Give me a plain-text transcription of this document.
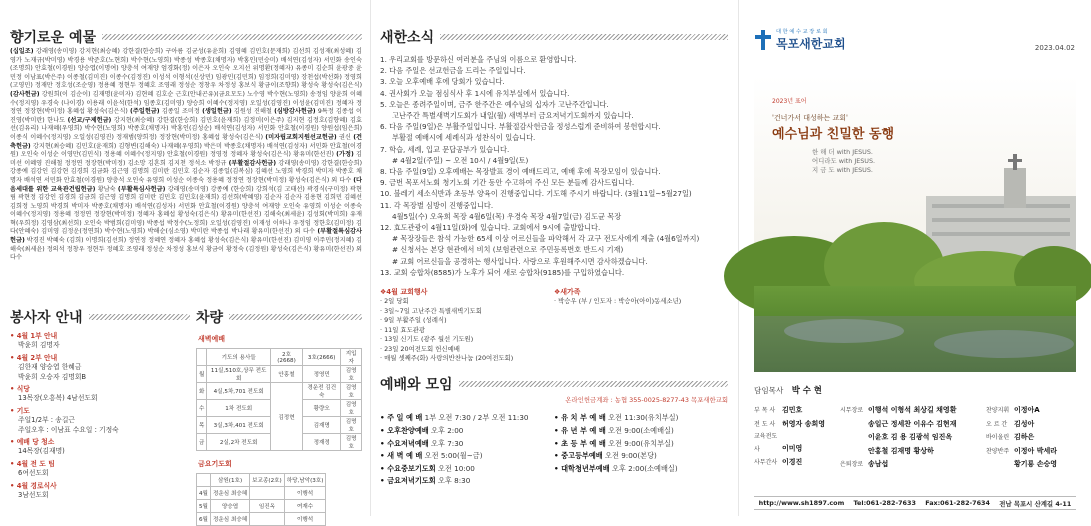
향기로운 예물
(십일조) 강래영(송미영) 강지현(최승혜) 강한결(한승희) 구아름 김균성(유윤희) 김영혜 김민호(문재희) 김선희 김성재(최성혜) 김영가 노재규(박미영) 박경용 박준호(노현희) 박수현(노영희) 박종성 박종호(채명자) 박홍인(민승미) 배석연(김성자) 서민화 송인숙(조명희) 안효철(이경원) 양승엽(이명여) 양충석 여재양 엄경화(정) 이은자 오인숙 오지선 위명환(정혜자) 유종미 김순희 윤광중 윤민정 이남표(박은주) 이종철(김미진) 이종수(김정진) 이성석 이형석(신상민) 임광민(김민희) 임정희(김미영) 장천섭(박선화) 정영희(고영민) 정재만 정호성(조순영) 정용혜 정현두 정혜호 조영래 정성순 정창우 차정성 홍보식 황금이(조향희) 황성숙 황성숙(김은식) (감사헌금) 강원희(이 김순이) 김재명(윤미자) 김현혜 김호순 근호(안내곤유)(금요모도) 노수영 박수현(노영희) 송정임 양윤희 이혜수(정지영) 우경숙 (나이경) 이용래 이윤석(한석) 임종호(김미영) 양승희 이혜수(정지영) 오일성(김영진) 이성윤(김미진) 정혜자 정정연 정장현(박미정) 홍혜섭 황성숙(김은식) (주일헌금) 김종일 조미정 (생일헌금) 김원성 진해철 (심방감사헌금) 9특정 김종섭 이진영(박미란) 한나도 (선교/구제헌금) 강지현(최승혜) 강한결(한승희) 김민호(윤재희) 김정미(이은주) 김지현 김정호(김향혜) 김효선(김유리) 나재혜(우영희) 박수현(노영희) 박종호(채명자) 박홍인(김성순) 배석연(김성자) 서민화 안효철(이경원) 양원섭(임은희) 이종식 이혜수(정지영) 오일성(김영진) 정재범(양희정) 정장현(박미정) 홍혜섭 황성숙(김은식) (미자립교회지원선교헌금) 권신 (건축헌금) 강지현(최승혜) 김민호(윤재희) 김형변(김해숙) 나재혜(우영희) 박은미 박종호(채명자) 배석연(김성자) 서민화 안효철(이경원) 오인숙 이성순 이영만(김민식) 정용혜 이혜수(정지영) 안효철(이경원) 정영정 정혜자 황성숙(김은식) 황유미(한선진) (가정) 김미선 이혜영 진해철 정정연 정장현(박미정) 김소망 김혼희 김지천 정석소 박정규 (부활절감사헌금) 강래영(송미영) 강한결(한승희) 강종예 김강인 김강현 김경희 김금화 김근영 김명희 김미란 김민호 김순자 김종일(김복심) 김혜선 노영희 박경희 박미자 박종호 채명자 배석연 서민화 안효철(이경원) 양충석 오인숙 유영희 이성순 이종숙 정용혜 정정연 정장현(박미정) 황성숙(김은식) 외 다수 (다음세대를 위한 교육관건립헌금) 황남숙 (부활특심사헌금) 강래영(송미영) 강종예 (한승희) 강희석(김 고태선) 곽경식(구미정) 곽현림 곽현정 김강인 김경희 김금희 김근영 김명희 김미란 김민호 김민호(윤재희) 김선희(박혜영) 김순자 김순자 김용현 김희민 김혜선 김희정 노영희 박경희 박미자 박종호(채명자) 배석연(김성자) 서민화 안효철(이경원) 양충석 여재양 오인숙 유영희 이성순 이종숙 이혜수(정지영) 정용혜 정정연 정장현(박미정) 정혜자 홍혜섭 황성숙(김은식) 황유미(한선진) 김해숙(최세윤) 김성회(박미희) 유재혁(우희정) 김영삼(최선희) 오인숙 박범희(김미영) 박종섭 박정수(노정희) 오일성(김영진) 이재성 이하나 우정임 정한호(김미정) 김다(안혜숙) 김미영 김정운(정연희) 박수현(노영희) 박해순(심소영) 박미란 박종섭 박나래 황유미(한선진) 외 다수 (부활절특심감사헌금) 박경진 박혜숙 (김희) 이명희(김선희) 정연정 정혜연 정혜자 홍혜섭 황성숙(김은식) 황유미(한선진) 김미영 이주민(정지혜) 김해숙(최세윤) 정의석 정창우 정현두 정혜호 조영래 정성순 차정성 홍보식 황금이 황정숙 (김정원) 황성숙(김은식) 황유미(한선진) 외 다수
봉사자 안내
• 4월 1부 안내
박윤희 김명자
• 4월 2부 안내
김한재 양승엽 한혜금
박윤희 오승자 김명회B
• 식당
13목장(오흥복) 4남선도회
• 기도
주일1/2부 : 송길근
주일오후 : 이남표 수요일 : 기정숙
• 예배 당 청소
14목장(김재명)
• 4월 전 도 팀
6여선도회
• 4월 경로식사
3남선도회
차량
새벽예배
	기도의 용사들	2호(2668)	3호(2666)	지입자
월	11실,510호,상무 전도회	안홍철	정영민	김영호
화	4실,5차,701 전도회	김정현	경운전 김건숙	김영호
수	1차 전도회		황량오	김영호
목	3실,3차,401 전도회		김재명	김명호
금	2실,2차 전도회		정재정	김명호
금요기도회
	삼원(1호)	보교종(2호)	하당,남악(3호)
4월	정운심 최승혜		이행석
5월	양승엽	임진옥	여재수
6월	정운심 최승혜		이행석
새한소식
1. 우리교회를 방문하신 여러분을 주님의 이름으로 환영합니다.
2. 다음 주일은 선교헌금을 드리는 주일입니다.
3. 오늘 오후예배 후에 당회가 있습니다.
4. 권사회가 오늘 점심식사 후 1시에 유치부실에서 있습니다.
5. 오늘은 종려주일이며, 금주 한주간은 예수님의 십자가 고난주간입니다.
고난주간 특별새벽기도회가 내일(월) 새벽부터 금요저녁기도회까지 있습니다.
6. 다음 주일(9일)은 부활주일입니다. 부활절감사헌금을 정성스럽게 준비하여 봉헌합시다.
부활절 예배시에 세례식과 성찬식이 있습니다.
7. 학습, 세례, 입교 문답공부가 있습니다.
# 4월2일(주일) ~ 오전 10시 / 4월9일(토)
8. 다음 주일(9일) 오후예배는 목장발표 경이 예배드리고, 예배 후에 목장모임이 있습니다.
9. 금번 목포서노회 청기노회 기간 동안 수고하여 주신 모든 분들께 감사드립니다.
10. 블레기 세소식반과 초등부 양육이 진행중입니다. 기도해 주시기 바랍니다. (3월11일~5월27일)
11. 각 목장별 심방이 진행중입니다.
4월5일(수) 오옥희 목장 4월6일(목) 우경숙 목장 4월7일(금) 김도균 목장
12. 효도관광이 4월11일(화)에 있습니다. 교회에서 9시에 출발합니다.
# 목장장들은 참석 가능한 65세 이상 어르신들을 파악해서 각 교구 전도사에게 제출 (4월6일까지)
# 신청서는 본당 현관에서 비치 (보험관련으로 주민등록번호 반드시 기재)
# 교회 어르신들을 공경하는 행사입니다. 사랑으로 후원해주시면 감사하겠습니다.
13. 교회 승합차(8585)가 노후가 되어 새로 승합차(9185)를 구입하였습니다.
❖4월 교회행사
· 2일 당회
· 3일~7일 고난주간 특별새벽기도회
· 9일 부활주일 (성례식)
· 11일 효도관광
· 13일 신기도 (광주 월선 기도원)
· 23일 20여전도회 헌신예배
· 매월 셋째주(화) 사랑의반찬나눔 (20여전도회)
❖새가족
· 박승우 (부 / 인도자 : 박승아(아이)동세소년)
예배와 모임
온라인헌금계좌 : 농협 355-0025-8277-43 목포새한교회
• 주 일 예 배 1부 오전 7:30 / 2부 오전 11:30
• 오후찬양예배 오후 2:00
• 수요저녁예배 오후 7:30
• 새 벽 예 배 오전 5:00(월~금)
• 수요중보기도회 오전 10:00
• 금요저녁기도회 오후 8:30
• 유 치 부 예 배 오전 11:30(유치부실)
• 유 년 부 예 배 오전 9:00(소예배실)
• 초 등 부 예 배 오전 9:00(유치부실)
• 중고등부예배 오전 9:00(본당)
• 대학청년부예배 오후 2:00(소예배실)
대 한 예 수 교 장 로 회
목포새한교회	2023.04.02
2023년 표어
'건너가서 대성하는 교회'
예수님과 친밀한 동행
한 해 더 with JESUS.
어디라도 with JESUS.
지 금 도 with JESUS.
담임목사 박 수 현
부 목 사 김민호
전 도 사 허영자 송희영
교육전도사	이미영
사무간사 이경진
시무장로 이행석 이형석 최상길 채영환
송일근 정세찬 이유수 김현재
이윤호 김 용 김광석 임진옥
안홍철 김재명 황상하
은퇴장로 송남섭
찬양지휘 이정아A
오 르 간 김성아
바이올린 김하은
찬양반주 이정아 박세라
황기룡 손승영
http://www.sh1897.com Tel:061-282-7633 Fax:061-282-7634 전남 목포시 산계길 4-11
